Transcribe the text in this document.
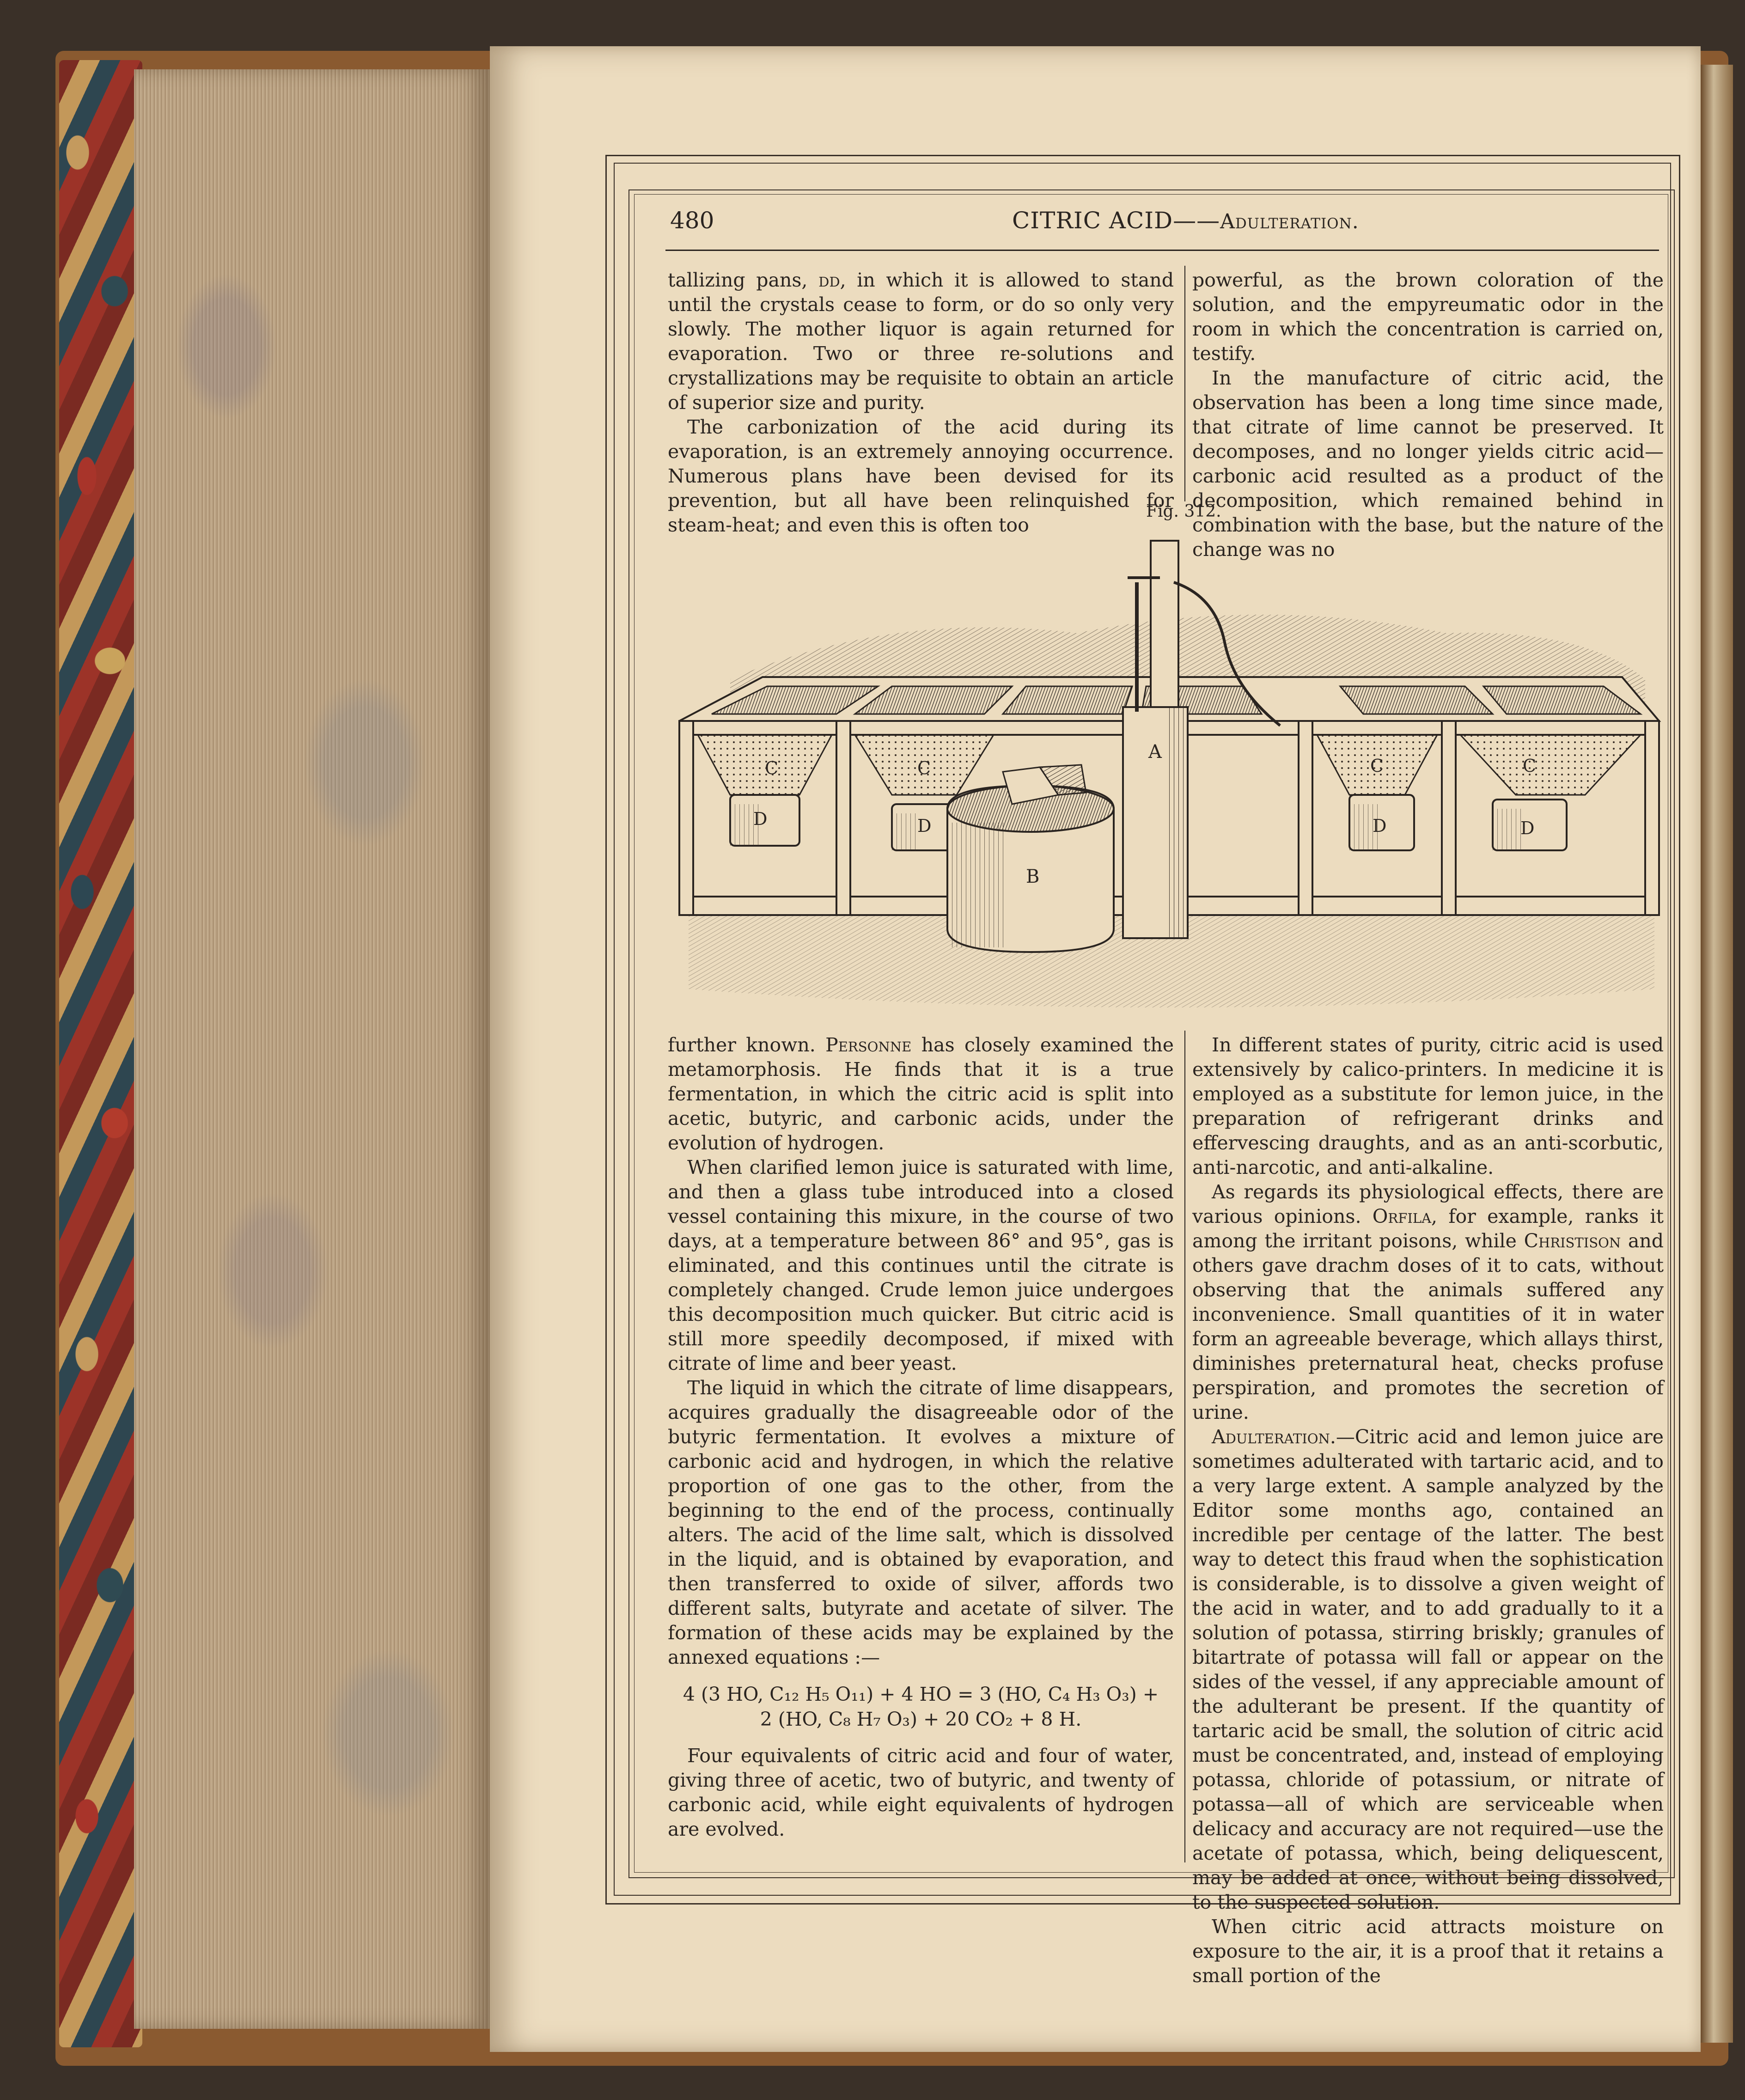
480	CITRIC ACID——Adulteration.

tallizing pans, dd, in which it is allowed to stand until the crystals cease to form, or do so only very slowly. The mother liquor is again returned for evaporation. Two or three re-solutions and crystallizations may be requisite to obtain an article of superior size and purity.

The carbonization of the acid during its evaporation, is an extremely annoying occurrence. Numerous plans have been devised for its prevention, but all have been relinquished for steam-heat; and even this is often too

powerful, as the brown coloration of the solution, and the empyreumatic odor in the room in which the concentration is carried on, testify.

In the manufacture of citric acid, the observation has been a long time since made, that citrate of lime cannot be preserved. It decomposes, and no longer yields citric acid—carbonic acid resulted as a product of the decomposition, which remained behind in combination with the base, but the nature of the change was no

Fig. 312.
A
B
C	C	C	C
D	D	D	D

further known. Personne has closely examined the metamorphosis. He finds that it is a true fermentation, in which the citric acid is split into acetic, butyric, and carbonic acids, under the evolution of hydrogen.

When clarified lemon juice is saturated with lime, and then a glass tube introduced into a closed vessel containing this mixure, in the course of two days, at a temperature between 86° and 95°, gas is eliminated, and this continues until the citrate is completely changed. Crude lemon juice undergoes this decomposition much quicker. But citric acid is still more speedily decomposed, if mixed with citrate of lime and beer yeast.

The liquid in which the citrate of lime disappears, acquires gradually the disagreeable odor of the butyric fermentation. It evolves a mixture of carbonic acid and hydrogen, in which the relative proportion of one gas to the other, from the beginning to the end of the process, continually alters. The acid of the lime salt, which is dissolved in the liquid, and is obtained by evaporation, and then transferred to oxide of silver, affords two different salts, butyrate and acetate of silver. The formation of these acids may be explained by the annexed equations :—

4 (3 HO, C₁₂ H₅ O₁₁) + 4 HO = 3 (HO, C₄ H₃ O₃) +
2 (HO, C₈ H₇ O₃) + 20 CO₂ + 8 H.

Four equivalents of citric acid and four of water, giving three of acetic, two of butyric, and twenty of carbonic acid, while eight equivalents of hydrogen are evolved.

In different states of purity, citric acid is used extensively by calico-printers. In medicine it is employed as a substitute for lemon juice, in the preparation of refrigerant drinks and effervescing draughts, and as an anti-scorbutic, anti-narcotic, and anti-alkaline.

As regards its physiological effects, there are various opinions. Orfila, for example, ranks it among the irritant poisons, while Christison and others gave drachm doses of it to cats, without observing that the animals suffered any inconvenience. Small quantities of it in water form an agreeable beverage, which allays thirst, diminishes preternatural heat, checks profuse perspiration, and promotes the secretion of urine.

Adulteration.—Citric acid and lemon juice are sometimes adulterated with tartaric acid, and to a very large extent. A sample analyzed by the Editor some months ago, contained an incredible per centage of the latter. The best way to detect this fraud when the sophistication is considerable, is to dissolve a given weight of the acid in water, and to add gradually to it a solution of potassa, stirring briskly; granules of bitartrate of potassa will fall or appear on the sides of the vessel, if any appreciable amount of the adulterant be present. If the quantity of tartaric acid be small, the solution of citric acid must be concentrated, and, instead of employing potassa, chloride of potassium, or nitrate of potassa—all of which are serviceable when delicacy and accuracy are not required—use the acetate of potassa, which, being deliquescent, may be added at once, without being dissolved, to the suspected solution.

When citric acid attracts moisture on exposure to the air, it is a proof that it retains a small portion of the
